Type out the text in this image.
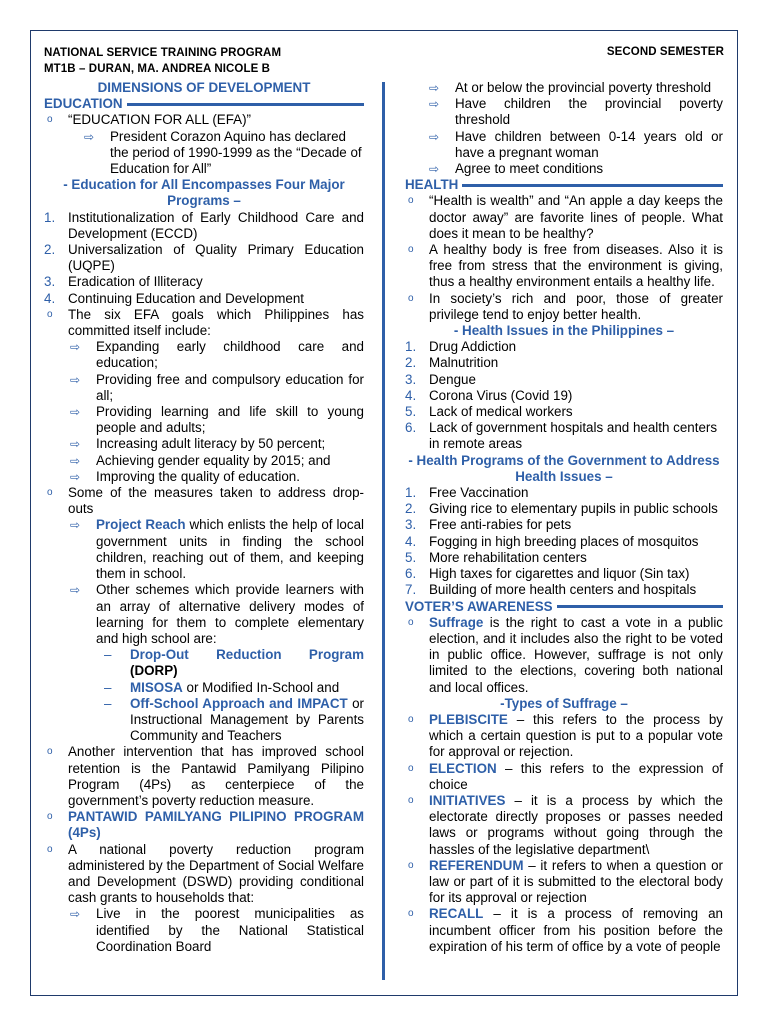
NATIONAL SERVICE TRAINING PROGRAM
MT1B – DURAN, MA. ANDREA NICOLE B
SECOND SEMESTER
DIMENSIONS OF DEVELOPMENT
EDUCATION
o	“EDUCATION FOR ALL (EFA)”
⇨	President Corazon Aquino has declared the period of 1990-1999 as the “Decade of Education for All”
- Education for All Encompasses Four Major Programs –
1. Institutionalization of Early Childhood Care and Development (ECCD)
2. Universalization of Quality Primary Education (UQPE)
3. Eradication of Illiteracy
4. Continuing Education and Development
o	The six EFA goals which Philippines has committed itself include:
⇨	Expanding early childhood care and education;
⇨	Providing free and compulsory education for all;
⇨	Providing learning and life skill to young people and adults;
⇨	Increasing adult literacy by 50 percent;
⇨	Achieving gender equality by 2015; and
⇨	Improving the quality of education.
o	Some of the measures taken to address drop-outs
⇨	Project Reach which enlists the help of local government units in finding the school children, reaching out of them, and keeping them in school.
⇨	Other schemes which provide learners with an array of alternative delivery modes of learning for them to complete elementary and high school are:
–	Drop-Out Reduction Program (DORP)
–	MISOSA or Modified In-School and
–	Off-School Approach and IMPACT or Instructional Management by Parents Community and Teachers
o	Another intervention that has improved school retention is the Pantawid Pamilyang Pilipino Program (4Ps) as centerpiece of the government’s poverty reduction measure.
o	PANTAWID PAMILYANG PILIPINO PROGRAM (4Ps)
o	A national poverty reduction program administered by the Department of Social Welfare and Development (DSWD) providing conditional cash grants to households that:
⇨	Live in the poorest municipalities as identified by the National Statistical Coordination Board
⇨	At or below the provincial poverty threshold
⇨	Have children the provincial poverty threshold
⇨	Have children between 0-14 years old or have a pregnant woman
⇨	Agree to meet conditions
HEALTH
o	“Health is wealth” and “An apple a day keeps the doctor away” are favorite lines of people. What does it mean to be healthy?
o	A healthy body is free from diseases. Also it is free from stress that the environment is giving, thus a healthy environment entails a healthy life.
o	In society’s rich and poor, those of greater privilege tend to enjoy better health.
- Health Issues in the Philippines –
1. Drug Addiction
2. Malnutrition
3. Dengue
4. Corona Virus (Covid 19)
5. Lack of medical workers
6. Lack of government hospitals and health centers in remote areas
- Health Programs of the Government to Address Health Issues –
1. Free Vaccination
2. Giving rice to elementary pupils in public schools
3. Free anti-rabies for pets
4. Fogging in high breeding places of mosquitos
5. More rehabilitation centers
6. High taxes for cigarettes and liquor (Sin tax)
7. Building of more health centers and hospitals
VOTER’S AWARENESS
o	Suffrage is the right to cast a vote in a public election, and it includes also the right to be voted in public office. However, suffrage is not only limited to the elections, covering both national and local offices.
-Types of Suffrage –
o	PLEBISCITE – this refers to the process by which a certain question is put to a popular vote for approval or rejection.
o	ELECTION – this refers to the expression of choice
o	INITIATIVES – it is a process by which the electorate directly proposes or passes needed laws or programs without going through the hassles of the legislative department\
o	REFERENDUM – it refers to when a question or law or part of it is submitted to the electoral body for its approval or rejection
o	RECALL – it is a process of removing an incumbent officer from his position before the expiration of his term of office by a vote of people
